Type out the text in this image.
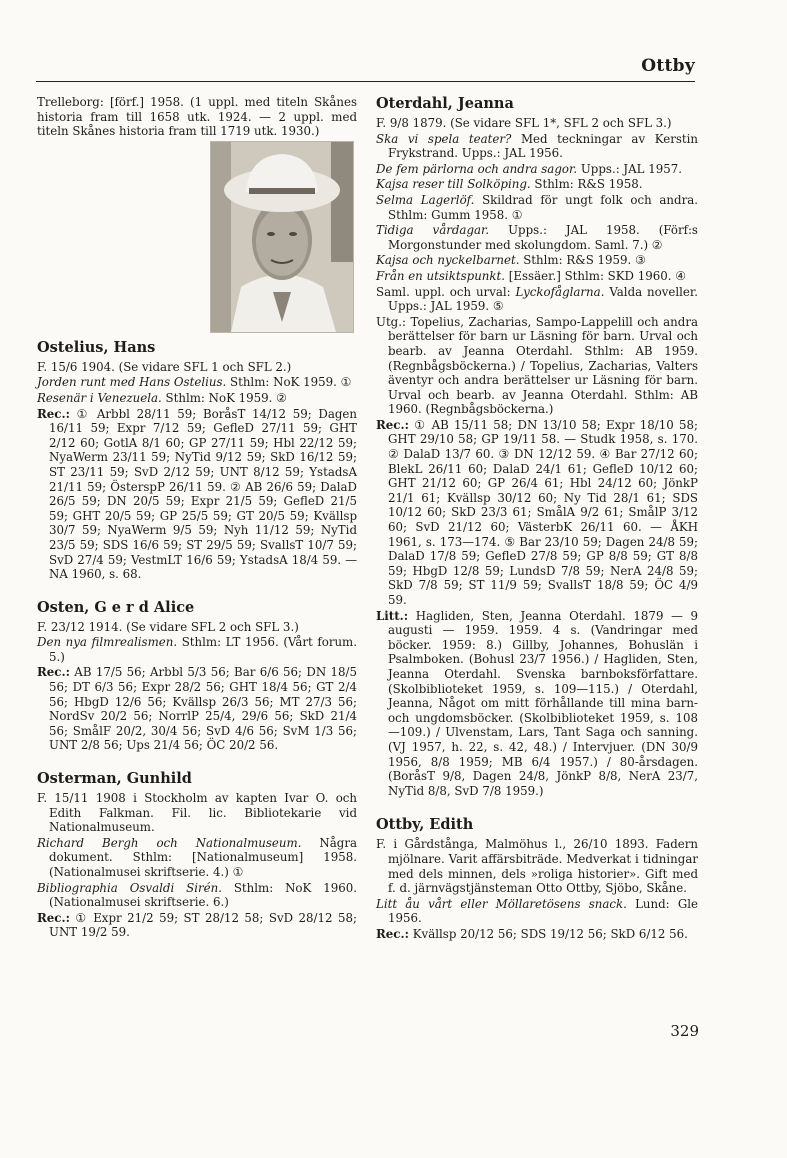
Ottby

Trelleborg: [förf.] 1958. (1 uppl. med titeln Skånes historia fram till 1658 utk. 1924. — 2 uppl. med titeln Skånes historia fram till 1719 utk. 1930.)

Ostelius, Hans

F. 15/6 1904. (Se vidare SFL 1 och SFL 2.)

Jorden runt med Hans Ostelius. Sthlm: NoK 1959. ①

Resenär i Venezuela. Sthlm: NoK 1959. ②

Rec.: ① Arbbl 28/11 59; BoråsT 14/12 59; Dagen 16/11 59; Expr 7/12 59; GefleD 27/11 59; GHT 2/12 60; GotlA 8/1 60; GP 27/11 59; Hbl 22/12 59; NyaWerm 23/11 59; NyTid 9/12 59; SkD 16/12 59; ST 23/11 59; SvD 2/12 59; UNT 8/12 59; YstadsA 21/11 59; ÖsterspP 26/11 59. ② AB 26/6 59; DalaD 26/5 59; DN 20/5 59; Expr 21/5 59; GefleD 21/5 59; GHT 20/5 59; GP 25/5 59; GT 20/5 59; Kvällsp 30/7 59; NyaWerm 9/5 59; Nyh 11/12 59; NyTid 23/5 59; SDS 16/6 59; ST 29/5 59; SvallsT 10/7 59; SvD 27/4 59; VestmLT 16/6 59; YstadsA 18/4 59. — NA 1960, s. 68.

Osten, G e r d Alice

F. 23/12 1914. (Se vidare SFL 2 och SFL 3.)

Den nya filmrealismen. Sthlm: LT 1956. (Vårt forum. 5.)

Rec.: AB 17/5 56; Arbbl 5/3 56; Bar 6/6 56; DN 18/5 56; DT 6/3 56; Expr 28/2 56; GHT 18/4 56; GT 2/4 56; HbgD 12/6 56; Kvällsp 26/3 56; MT 27/3 56; NordSv 20/2 56; NorrlP 25/4, 29/6 56; SkD 21/4 56; SmålF 20/2, 30/4 56; SvD 4/6 56; SvM 1/3 56; UNT 2/8 56; Ups 21/4 56; ÖC 20/2 56.

Osterman, Gunhild

F. 15/11 1908 i Stockholm av kapten Ivar O. och Edith Falkman. Fil. lic. Bibliotekarie vid Nationalmuseum.

Richard Bergh och Nationalmuseum. Några dokument. Sthlm: [Nationalmuseum] 1958. (Nationalmusei skriftserie. 4.) ①

Bibliographia Osvaldi Sirén. Sthlm: NoK 1960. (Nationalmusei skriftserie. 6.)

Rec.: ① Expr 21/2 59; ST 28/12 58; SvD 28/12 58; UNT 19/2 59.

Oterdahl, Jeanna

F. 9/8 1879. (Se vidare SFL 1*, SFL 2 och SFL 3.)

Ska vi spela teater? Med teckningar av Kerstin Frykstrand. Upps.: JAL 1956.

De fem pärlorna och andra sagor. Upps.: JAL 1957.

Kajsa reser till Solköping. Sthlm: R&S 1958.

Selma Lagerlöf. Skildrad för ungt folk och andra. Sthlm: Gumm 1958. ①

Tidiga vårdagar. Upps.: JAL 1958. (Förf:s Morgonstunder med skolungdom. Saml. 7.) ②

Kajsa och nyckelbarnet. Sthlm: R&S 1959. ③

Från en utsiktspunkt. [Essäer.] Sthlm: SKD 1960. ④

Saml. uppl. och urval: Lyckofåglarna. Valda noveller. Upps.: JAL 1959. ⑤

Utg.: Topelius, Zacharias, Sampo-Lappelill och andra berättelser för barn ur Läsning för barn. Urval och bearb. av Jeanna Oterdahl. Sthlm: AB 1959. (Regnbågsböckerna.) / Topelius, Zacharias, Valters äventyr och andra berättelser ur Läsning för barn. Urval och bearb. av Jeanna Oterdahl. Sthlm: AB 1960. (Regnbågsböckerna.)

Rec.: ① AB 15/11 58; DN 13/10 58; Expr 18/10 58; GHT 29/10 58; GP 19/11 58. — Studk 1958, s. 170. ② DalaD 13/7 60. ③ DN 12/12 59. ④ Bar 27/12 60; BlekL 26/11 60; DalaD 24/1 61; GefleD 10/12 60; GHT 21/12 60; GP 26/4 61; Hbl 24/12 60; JönkP 21/1 61; Kvällsp 30/12 60; Ny Tid 28/1 61; SDS 10/12 60; SkD 23/3 61; SmålA 9/2 61; SmålP 3/12 60; SvD 21/12 60; VästerbK 26/11 60. — ÅKH 1961, s. 173—174. ⑤ Bar 23/10 59; Dagen 24/8 59; DalaD 17/8 59; GefleD 27/8 59; GP 8/8 59; GT 8/8 59; HbgD 12/8 59; LundsD 7/8 59; NerA 24/8 59; SkD 7/8 59; ST 11/9 59; SvallsT 18/8 59; ÖC 4/9 59.

Litt.: Hagliden, Sten, Jeanna Oterdahl. 1879 — 9 augusti — 1959. 1959. 4 s. (Vandringar med böcker. 1959: 8.) Gillby, Johannes, Bohuslän i Psalmboken. (Bohusl 23/7 1956.) / Hagliden, Sten, Jeanna Oterdahl. Svenska barnboksförfattare. (Skolbiblioteket 1959, s. 109—115.) / Oterdahl, Jeanna, Något om mitt förhållande till mina barn- och ungdomsböcker. (Skolbiblioteket 1959, s. 108—109.) / Ulvenstam, Lars, Tant Saga och sanning. (VJ 1957, h. 22, s. 42, 48.) / Intervjuer. (DN 30/9 1956, 8/8 1959; MB 6/4 1957.) / 80-årsdagen. (BoråsT 9/8, Dagen 24/8, JönkP 8/8, NerA 23/7, NyTid 8/8, SvD 7/8 1959.)

Ottby, Edith

F. i Gårdstånga, Malmöhus l., 26/10 1893. Fadern mjölnare. Varit affärsbiträde. Medverkat i tidningar med dels minnen, dels »roliga historier». Gift med f. d. järnvägstjänsteman Otto Ottby, Sjöbo, Skåne.

Litt åu vårt eller Möllaretösens snack. Lund: Gle 1956.

Rec.: Kvällsp 20/12 56; SDS 19/12 56; SkD 6/12 56.

329
